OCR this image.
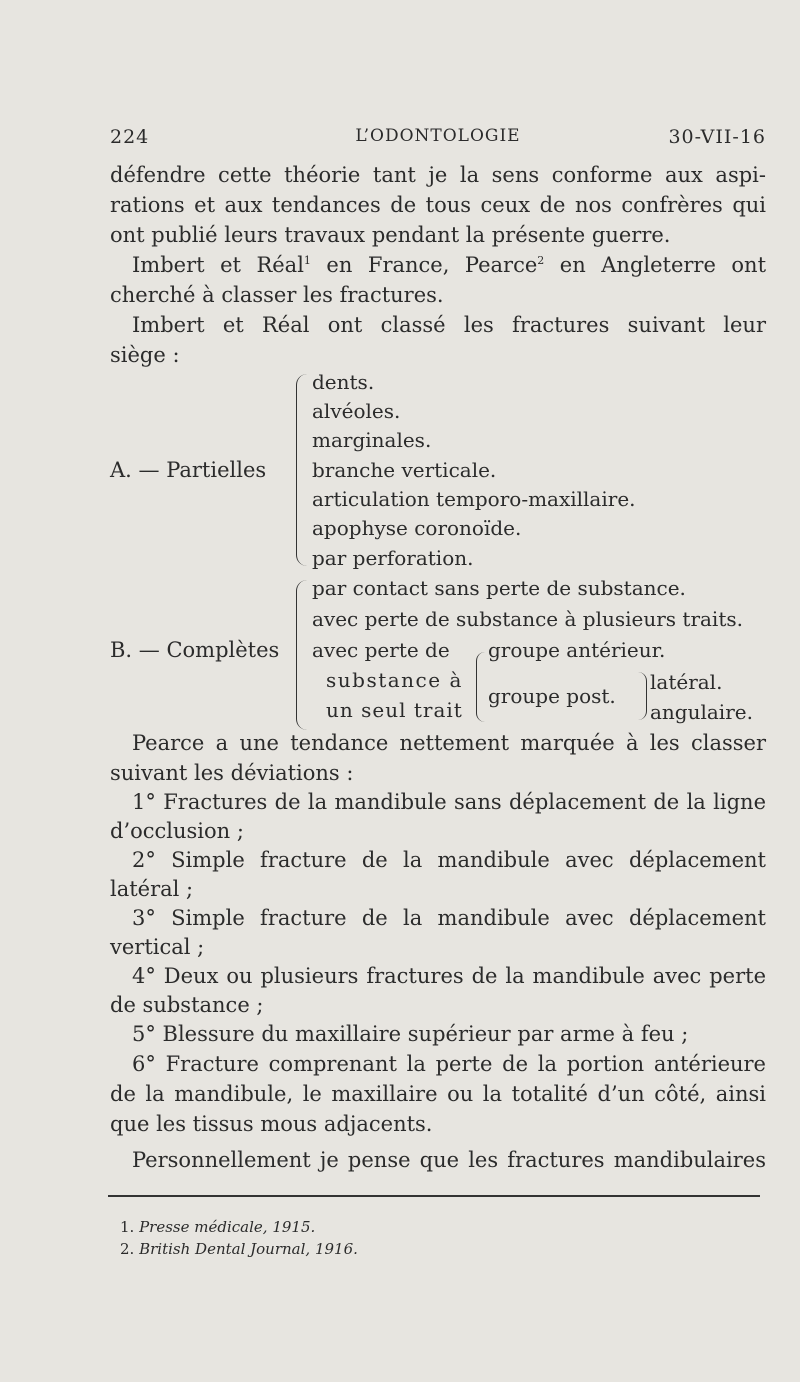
224	L’ODONTOLOGIE	30-VII-16
défendre cette théorie tant je la sens conforme aux aspi-
rations et aux tendances de tous ceux de nos confrères qui
ont publié leurs travaux pendant la présente guerre.
Imbert et Réal$^1$ en France, Pearce$^2$ en Angleterre ont
cherché à classer les fractures.
Imbert et Réal ont classé les fractures suivant leur
siège :
A. — Partielles
dents.
alvéoles.
marginales.
branche verticale.
articulation temporo-maxillaire.
apophyse coronoïde.
par perforation.
B. — Complètes
par contact sans perte de substance.
avec perte de substance à plusieurs traits.
avec perte de
substance à
un seul trait
groupe antérieur.
groupe post.
latéral.
angulaire.
Pearce a une tendance nettement marquée à les classer
suivant les déviations :
1° Fractures de la mandibule sans déplacement de la ligne
d’occlusion ;
2° Simple fracture de la mandibule avec déplacement
latéral ;
3° Simple fracture de la mandibule avec déplacement
vertical ;
4° Deux ou plusieurs fractures de la mandibule avec perte
de substance ;
5° Blessure du maxillaire supérieur par arme à feu ;
6° Fracture comprenant la perte de la portion antérieure
de la mandibule, le maxillaire ou la totalité d’un côté, ainsi
que les tissus mous adjacents.
Personnellement je pense que les fractures mandibulaires
1. Presse médicale, 1915.
2. British Dental Journal, 1916.
